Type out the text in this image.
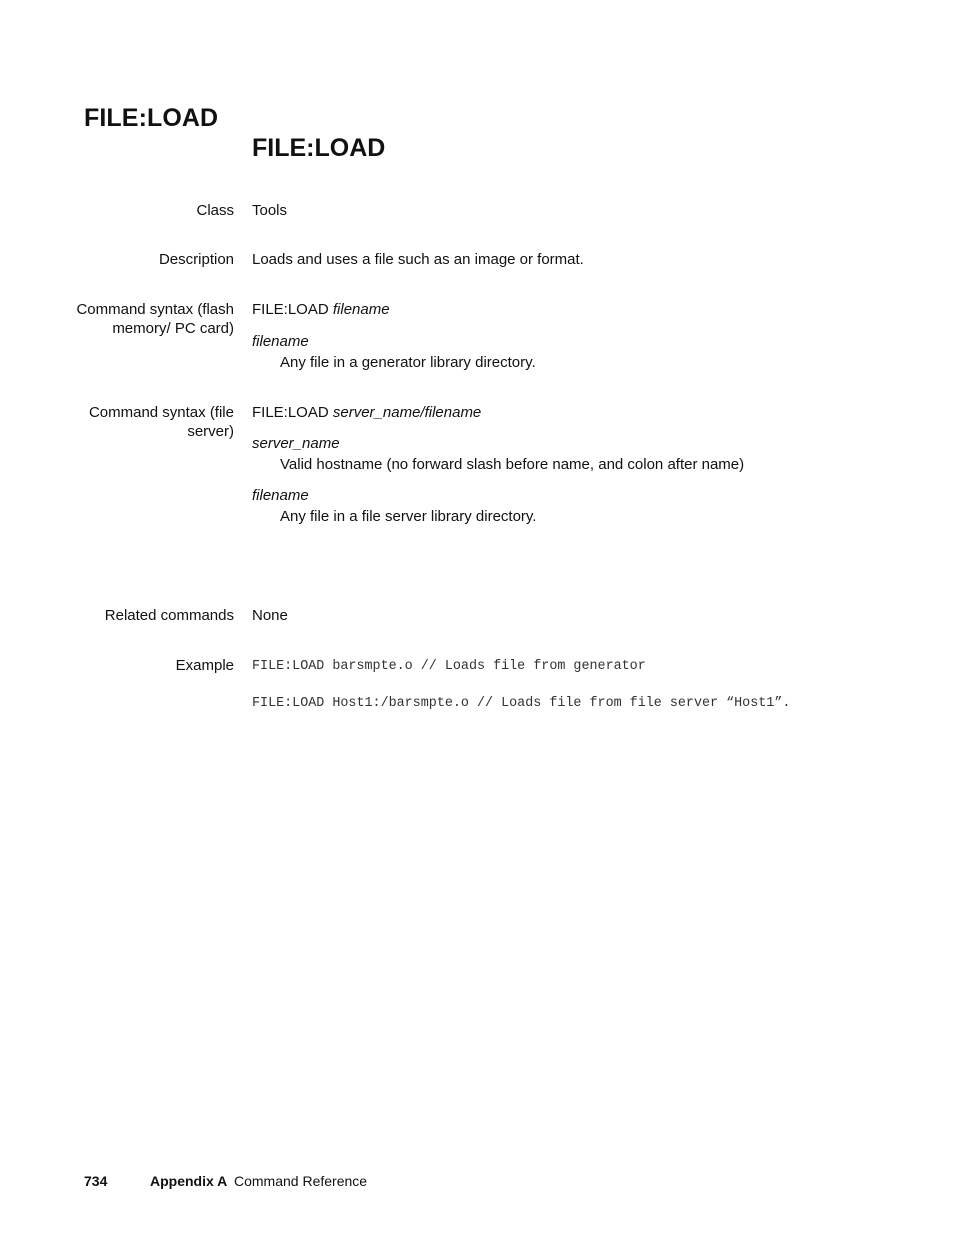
FILE:LOAD
FILE:LOAD
Class Tools
Description Loads and uses a file such as an image or format.
Command syntax (flash memory/ PC card)
FILE:LOAD filename

filename

Any file in a generator library directory.

Command syntax (file server)
FILE:LOAD server_name/filename

server_name

Valid hostname (no forward slash before name, and colon after name)

filename

Any file in a file server library directory.

Related commands None
Example FILE:LOAD barsmpte.o // Loads file from generator
FILE:LOAD Host1:/barsmpte.o // Loads file from file server “Host1”.
734	Appendix A Command Reference
